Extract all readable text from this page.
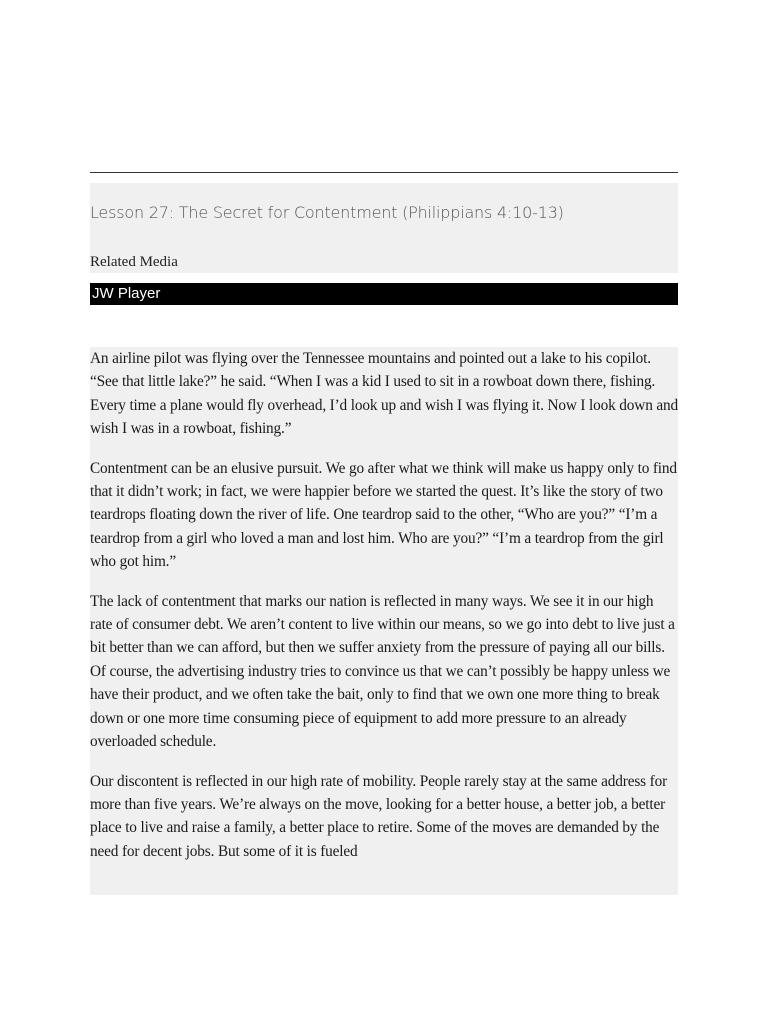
Lesson 27: The Secret for Contentment (Philippians 4:10-13)
Related Media
JW Player

An airline pilot was flying over the Tennessee mountains and pointed out a lake to his copilot. “See that little lake?” he said. “When I was a kid I used to sit in a rowboat down there, fishing. Every time a plane would fly overhead, I’d look up and wish I was flying it. Now I look down and wish I was in a rowboat, fishing.”

Contentment can be an elusive pursuit. We go after what we think will make us happy only to find that it didn’t work; in fact, we were happier before we started the quest. It’s like the story of two teardrops floating down the river of life. One teardrop said to the other, “Who are you?” “I’m a teardrop from a girl who loved a man and lost him. Who are you?” “I’m a teardrop from the girl who got him.”

The lack of contentment that marks our nation is reflected in many ways. We see it in our high rate of consumer debt. We aren’t content to live within our means, so we go into debt to live just a bit better than we can afford, but then we suffer anxiety from the pressure of paying all our bills. Of course, the advertising industry tries to convince us that we can’t possibly be happy unless we have their product, and we often take the bait, only to find that we own one more thing to break down or one more time consuming piece of equipment to add more pressure to an already overloaded schedule.

Our discontent is reflected in our high rate of mobility. People rarely stay at the same address for more than five years. We’re always on the move, looking for a better house, a better job, a better place to live and raise a family, a better place to retire. Some of the moves are demanded by the need for decent jobs. But some of it is fueled
